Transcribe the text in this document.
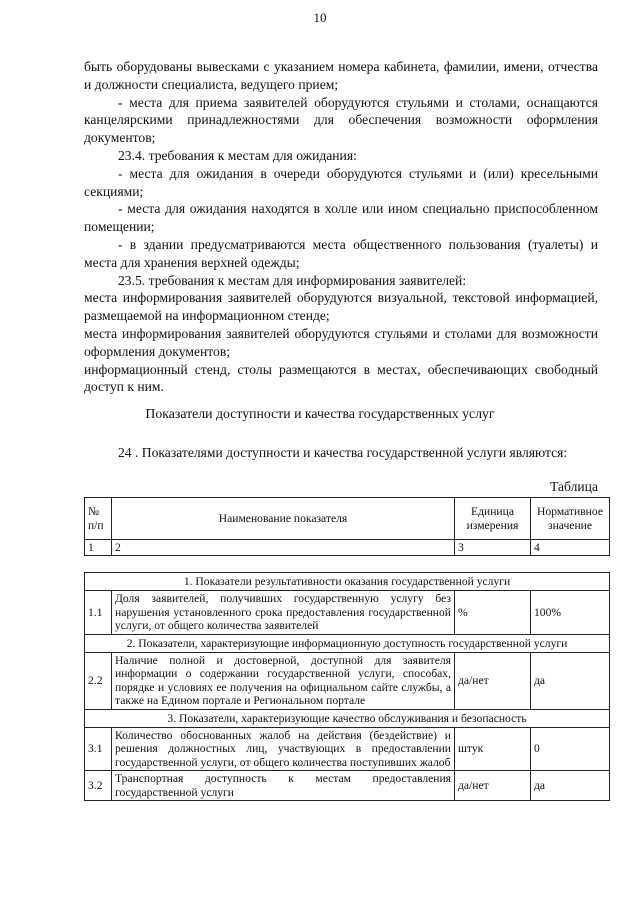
10

быть оборудованы вывесками с указанием номера кабинета, фамилии, имени, отчества и должности специалиста, ведущего прием;

- места для приема заявителей оборудуются стульями и столами, оснащаются канцелярскими принадлежностями для обеспечения возможности оформления документов;

23.4. требования к местам для ожидания:

- места для ожидания в очереди оборудуются стульями и (или) кресельными секциями;

- места для ожидания находятся в холле или ином специально приспособленном помещении;

- в здании предусматриваются места общественного пользования (туалеты) и места для хранения верхней одежды;

23.5. требования к местам для информирования заявителей:

места информирования заявителей оборудуются визуальной, текстовой информацией, размещаемой на информационном стенде;

места информирования заявителей оборудуются стульями и столами для возможности оформления документов;

информационный стенд, столы размещаются в местах, обеспечивающих свободный доступ к ним.

Показатели доступности и качества государственных услуг

24 . Показателями доступности и качества государственной услуги являются:

Таблица
№ п/п	Наименование показателя	Единица измерения	Нормативное значение
1	2	3	4
1. Показатели результативности оказания государственной услуги			
1.1	Доля заявителей, получивших государственную услугу без нарушения установленного срока предоставления государственной услуги, от общего количества заявителей	%	100%
2. Показатели, характеризующие информационную доступность государственной услуги			
2.2	Наличие полной и достоверной, доступной для заявителя информации о содержании государственной услуги, способах, порядке и условиях ее получения на официальном сайте службы, а также на Едином портале и Региональном портале	да/нет	да
3. Показатели, характеризующие качество обслуживания и безопасность			
3.1	Количество обоснованных жалоб на действия (бездействие) и решения должностных лиц, участвующих в предоставлении государственной услуги, от общего количества поступивших жалоб	штук	0
3.2	Транспортная доступность к местам предоставления государственной услуги	да/нет	да
